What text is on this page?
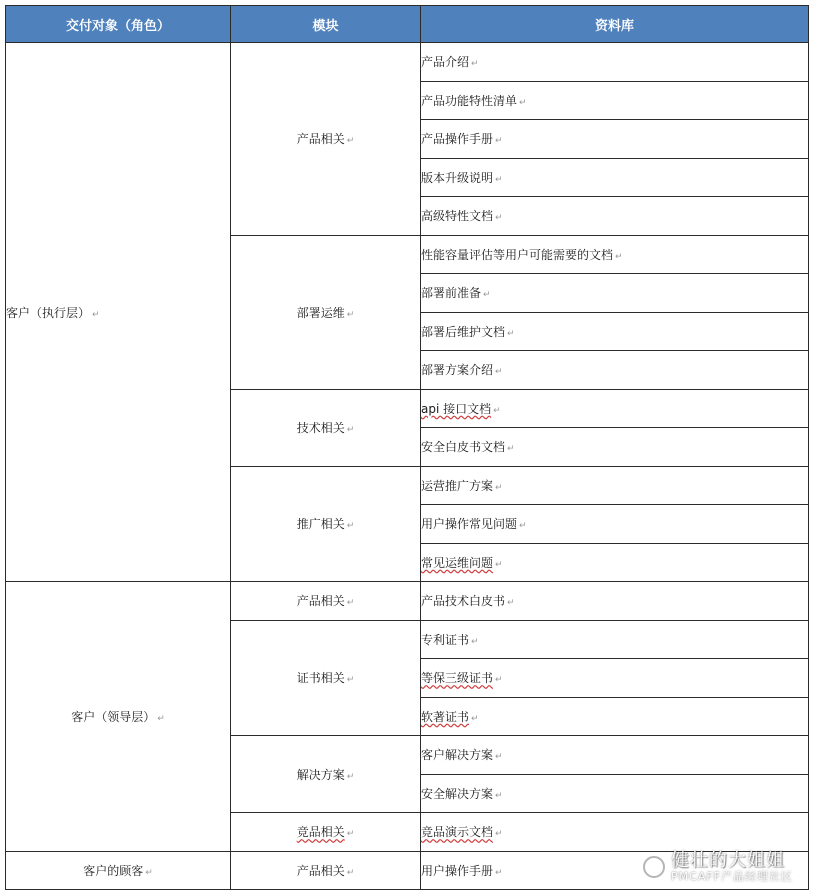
交付对象（角色）	模块	资料库
客户（执行层） ↵	产品相关 ↵	产品介绍 ↵
		产品功能特性清单 ↵
		产品操作手册 ↵
		版本升级说明 ↵
		高级特性文档 ↵
	部署运维 ↵	性能容量评估等用户可能需要的文档 ↵
		部署前准备 ↵
		部署后维护文档 ↵
		部署方案介绍 ↵
	技术相关 ↵	api 接口文档 ↵
		安全白皮书文档 ↵
	推广相关 ↵	运营推广方案 ↵
		用户操作常见问题 ↵
		常见运维问题 ↵
客户（领导层） ↵	产品相关 ↵	产品技术白皮书 ↵
	证书相关 ↵	专利证书 ↵
		等保三级证书 ↵
		软著证书 ↵
	解决方案 ↵	客户解决方案 ↵
		安全解决方案 ↵
	竞品相关 ↵	竞品演示文档 ↵
客户的顾客 ↵	产品相关 ↵	用户操作手册 ↵
健壮的大姐姐
PMCAFF产品经理社区
